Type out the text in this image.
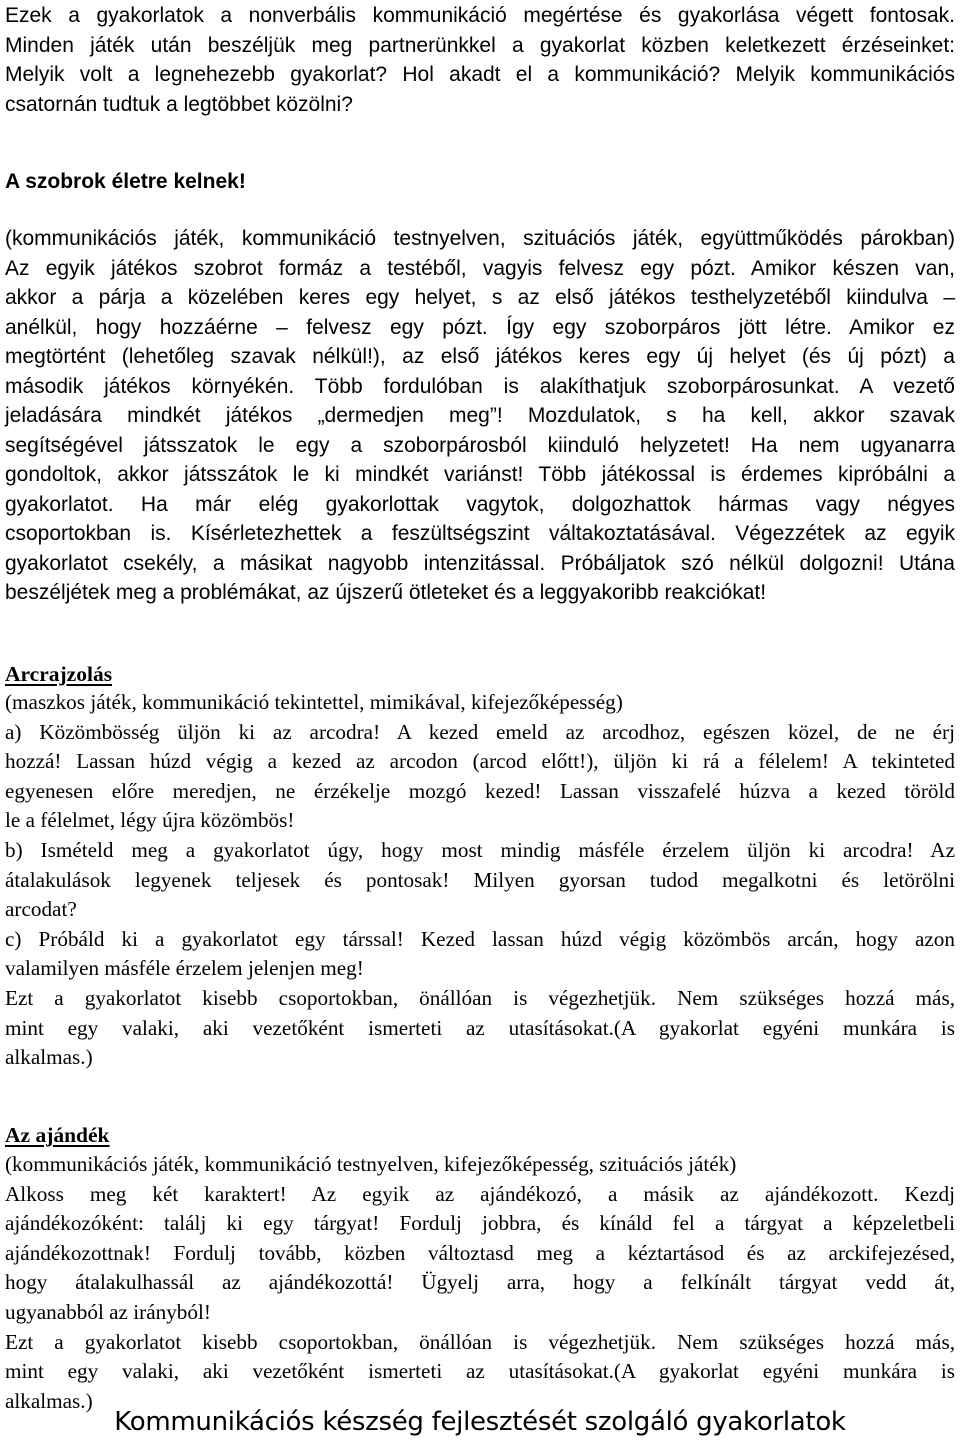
Ezek a gyakorlatok a nonverbális kommunikáció megértése és gyakorlása végett fontosak.
Minden játék után beszéljük meg partnerünkkel a gyakorlat közben keletkezett érzéseinket:
Melyik volt a legnehezebb gyakorlat? Hol akadt el a kommunikáció? Melyik kommunikációs
csatornán tudtuk a legtöbbet közölni?
A szobrok életre kelnek!
(kommunikációs játék, kommunikáció testnyelven, szituációs játék, együttműködés párokban)
Az egyik játékos szobrot formáz a testéből, vagyis felvesz egy pózt. Amikor készen van,
akkor a párja a közelében keres egy helyet, s az első játékos testhelyzetéből kiindulva –
anélkül, hogy hozzáérne – felvesz egy pózt. Így egy szoborpáros jött létre. Amikor ez
megtörtént (lehetőleg szavak nélkül!), az első játékos keres egy új helyet (és új pózt) a
második játékos környékén. Több fordulóban is alakíthatjuk szoborpárosunkat. A vezető
jeladására mindkét játékos „dermedjen meg”! Mozdulatok, s ha kell, akkor szavak
segítségével játsszatok le egy a szoborpárosból kiinduló helyzetet! Ha nem ugyanarra
gondoltok, akkor játsszátok le ki mindkét variánst! Több játékossal is érdemes kipróbálni a
gyakorlatot. Ha már elég gyakorlottak vagytok, dolgozhattok hármas vagy négyes
csoportokban is. Kísérletezhettek a feszültségszint váltakoztatásával. Végezzétek az egyik
gyakorlatot csekély, a másikat nagyobb intenzitással. Próbáljatok szó nélkül dolgozni! Utána
beszéljétek meg a problémákat, az újszerű ötleteket és a leggyakoribb reakciókat!
Arcrajzolás
(maszkos játék, kommunikáció tekintettel, mimikával, kifejezőképesség)
a) Közömbösség üljön ki az arcodra! A kezed emeld az arcodhoz, egészen közel, de ne érj
hozzá! Lassan húzd végig a kezed az arcodon (arcod előtt!), üljön ki rá a félelem! A tekinteted
egyenesen előre meredjen, ne érzékelje mozgó kezed! Lassan visszafelé húzva a kezed töröld
le a félelmet, légy újra közömbös!
b) Ismételd meg a gyakorlatot úgy, hogy most mindig másféle érzelem üljön ki arcodra! Az
átalakulások legyenek teljesek és pontosak! Milyen gyorsan tudod megalkotni és letörölni
arcodat?
c) Próbáld ki a gyakorlatot egy társsal! Kezed lassan húzd végig közömbös arcán, hogy azon
valamilyen másféle érzelem jelenjen meg!
Ezt a gyakorlatot kisebb csoportokban, önállóan is végezhetjük. Nem szükséges hozzá más,
mint egy valaki, aki vezetőként ismerteti az utasításokat.(A gyakorlat egyéni munkára is
alkalmas.)
Az ajándék
(kommunikációs játék, kommunikáció testnyelven, kifejezőképesség, szituációs játék)
Alkoss meg két karaktert! Az egyik az ajándékozó, a másik az ajándékozott. Kezdj
ajándékozóként: találj ki egy tárgyat! Fordulj jobbra, és kínáld fel a tárgyat a képzeletbeli
ajándékozottnak! Fordulj tovább, közben változtasd meg a kéztartásod és az arckifejezésed,
hogy átalakulhassál az ajándékozottá! Ügyelj arra, hogy a felkínált tárgyat vedd át,
ugyanabból az irányból!
Ezt a gyakorlatot kisebb csoportokban, önállóan is végezhetjük. Nem szükséges hozzá más,
mint egy valaki, aki vezetőként ismerteti az utasításokat.(A gyakorlat egyéni munkára is
alkalmas.)
Kommunikációs készség fejlesztését szolgáló gyakorlatok
